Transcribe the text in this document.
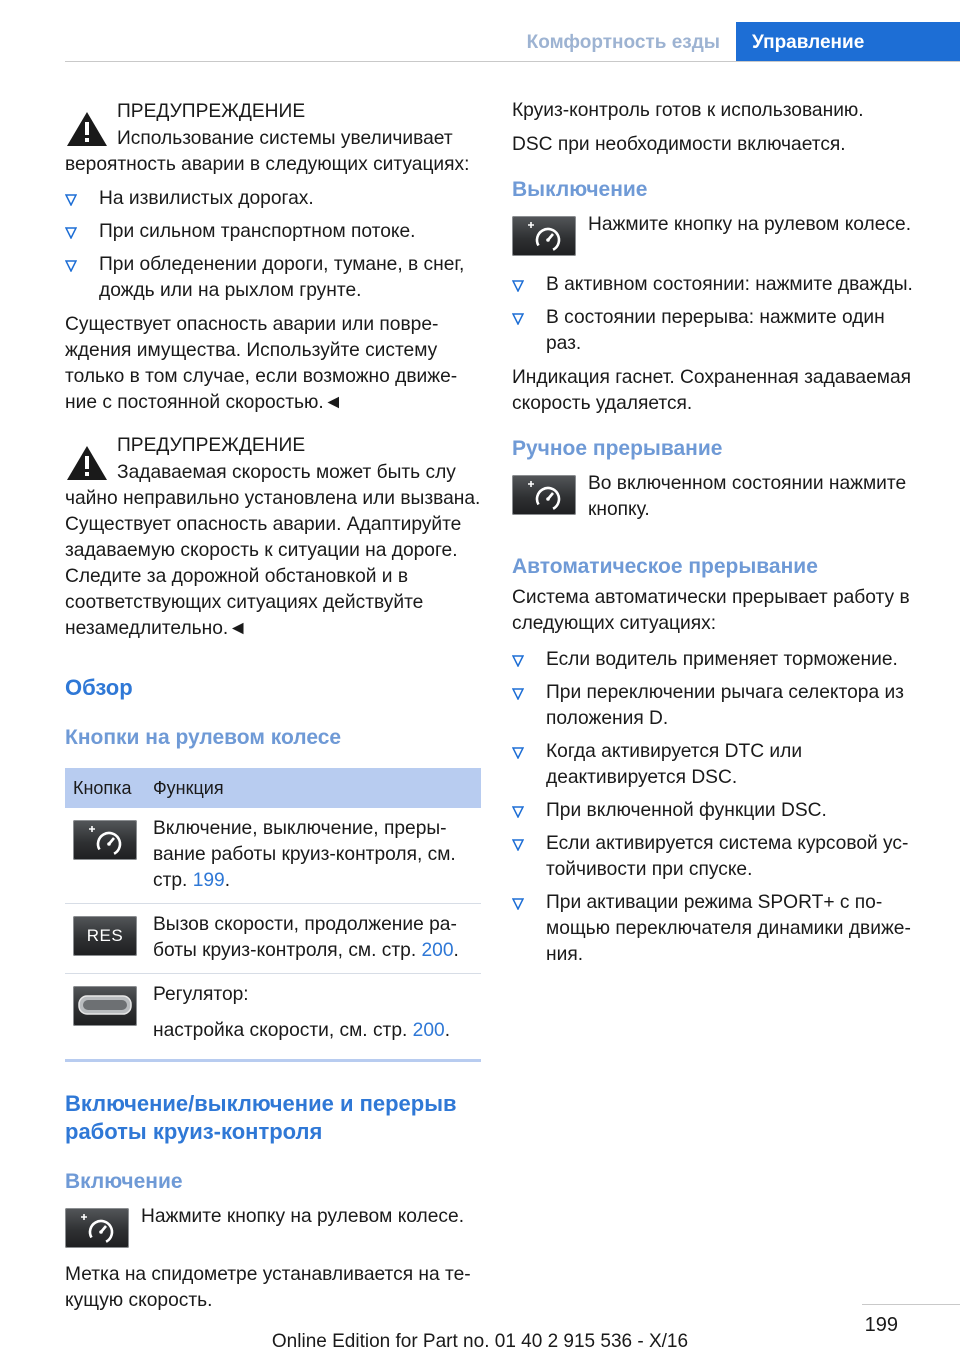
Комфортность езды	Управление
ПРЕДУПРЕЖДЕНИЕ
Использование системы увеличивает

вероятность аварии в следующих ситуациях:

На извилистых дорогах.
При сильном транспортном потоке.
При обледенении дороги, тумане, в снег, дождь или на рыхлом грунте.

Существует опасность аварии или повреждения имущества. Используйте систему только в том случае, если возможно движение с постоянной скоростью.◄

ПРЕДУПРЕЖДЕНИЕ
Задаваемая скорость может быть слу

чайно неправильно установлена или вызвана. Существует опасность аварии. Адаптируйте задаваемую скорость к ситуации на дороге. Следите за дорожной обстановкой и в соответствующих ситуациях действуйте незамедлительно.◄

Обзор
Кнопки на рулевом колесе
Кнопка	Функция

	Включение, выключение, прерывание работы круиз-контроля, см. стр. 199.

RES	Вызов скорости, продолжение работы круиз-контроля, см. стр. 200.

Регулятор:
настройка скорости, см. стр. 200.
Включение/выключение и перерыв работы круиз-контроля
Включение
Нажмите кнопку на рулевом колесе.

Метка на спидометре устанавливается на текущую скорость.

Круиз-контроль готов к использованию.

DSC при необходимости включается.

Выключение
Нажмите кнопку на рулевом колесе.
В активном состоянии: нажмите дважды.
В состоянии перерыва: нажмите один раз.

Индикация гаснет. Сохраненная задаваемая скорость удаляется.

Ручное прерывание
Во включенном состоянии нажмите кнопку.
Автоматическое прерывание

Система автоматически прерывает работу в следующих ситуациях:

Если водитель применяет торможение.
При переключении рычага селектора из положения D.
Когда активируется DTC или деактивируется DSC.
При включенной функции DSC.
Если активируется система курсовой устойчивости при спуске.
При активации режима SPORT+ с помощью переключателя динамики движения.
199
Online Edition for Part no. 01 40 2 915 536 - X/16
